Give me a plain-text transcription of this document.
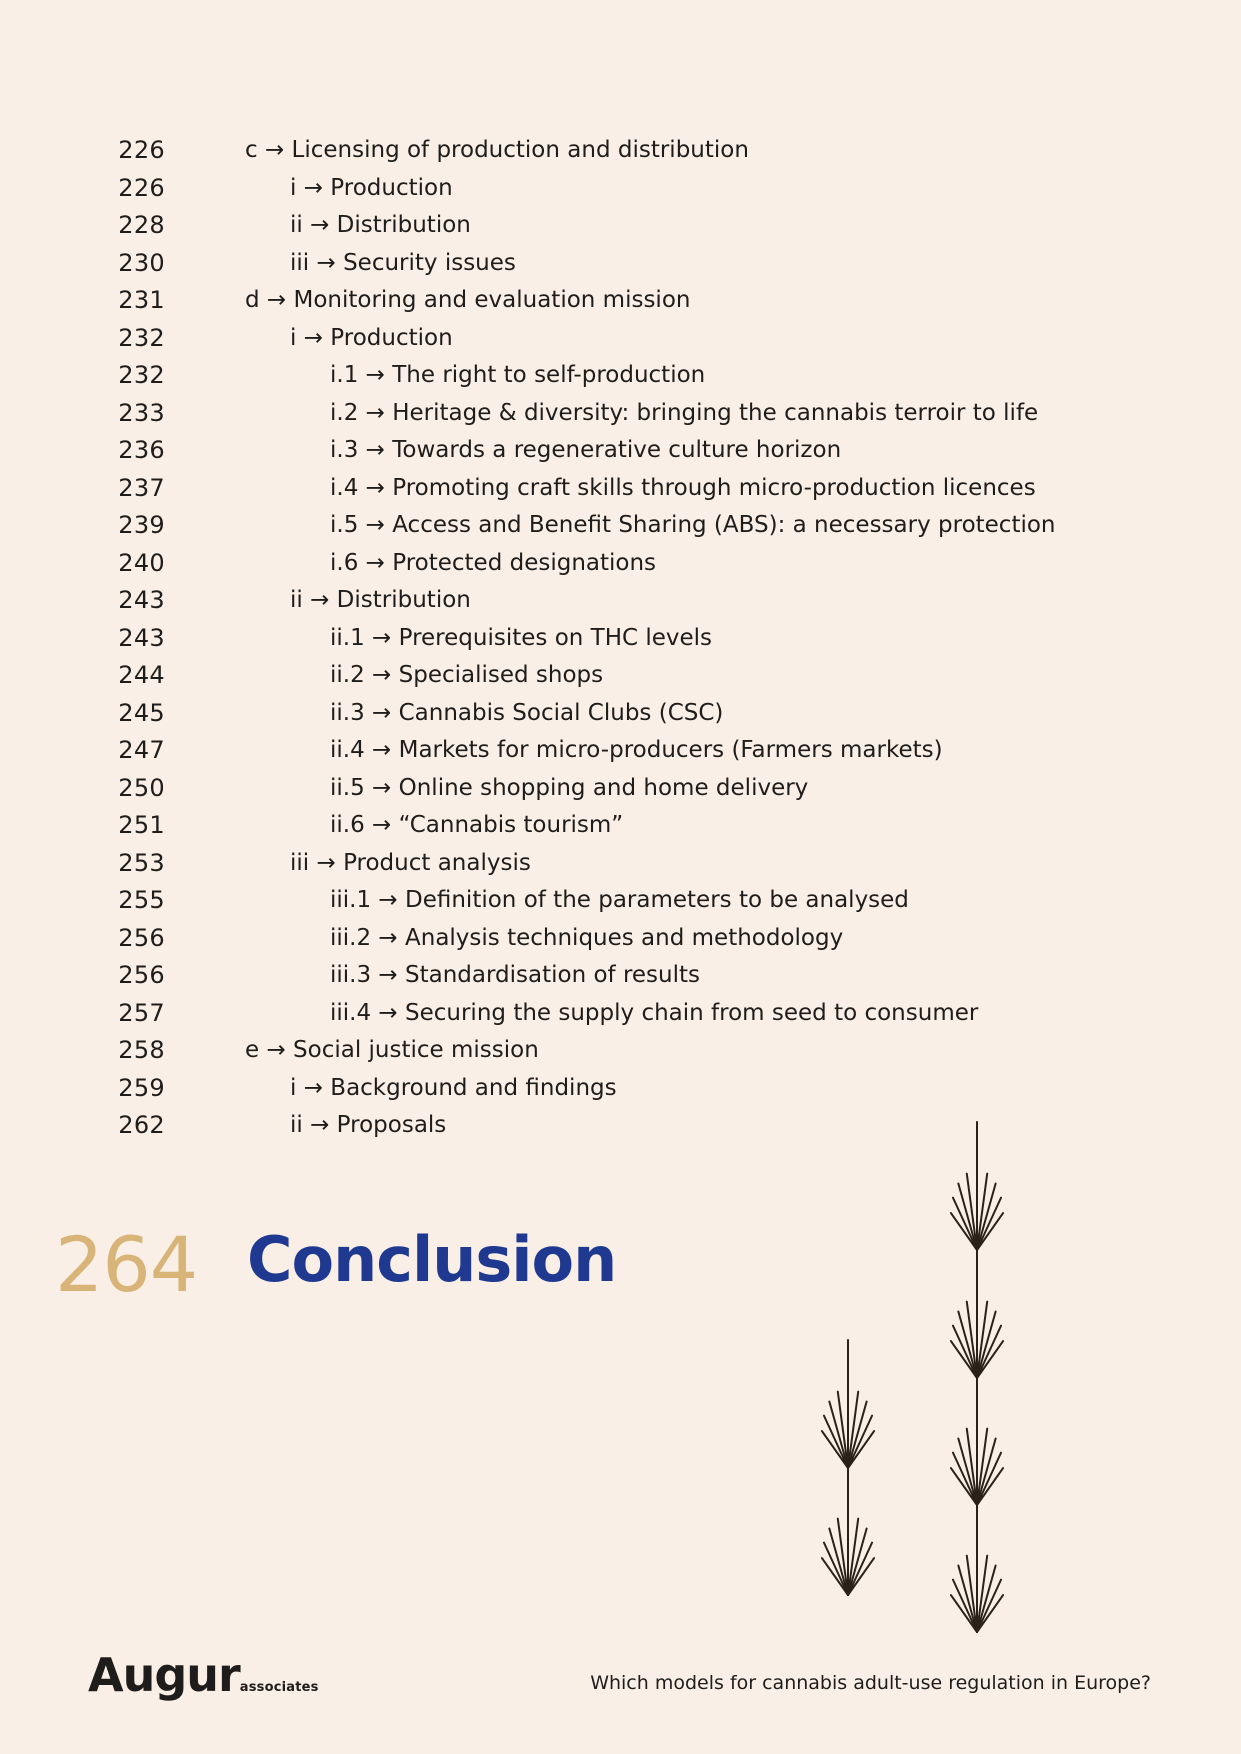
226	c → Licensing of production and distribution
226	i → Production
228	ii → Distribution
230	iii → Security issues
231	d → Monitoring and evaluation mission
232	i → Production
232	i.1 → The right to self-production
233	i.2 → Heritage & diversity: bringing the cannabis terroir to life
236	i.3 → Towards a regenerative culture horizon
237	i.4 → Promoting craft skills through micro-production licences
239	i.5 → Access and Benefit Sharing (ABS): a necessary protection
240	i.6 → Protected designations
243	ii → Distribution
243	ii.1 → Prerequisites on THC levels
244	ii.2 → Specialised shops
245	ii.3 → Cannabis Social Clubs (CSC)
247	ii.4 → Markets for micro-producers (Farmers markets)
250	ii.5 → Online shopping and home delivery
251	ii.6 → “Cannabis tourism”
253	iii → Product analysis
255	iii.1 → Definition of the parameters to be analysed
256	iii.2 → Analysis techniques and methodology
256	iii.3 → Standardisation of results
257	iii.4 → Securing the supply chain from seed to consumer
258	e → Social justice mission
259	i → Background and findings
262	ii → Proposals
264 Conclusion
Augurassociates	Which models for cannabis adult-use regulation in Europe?
